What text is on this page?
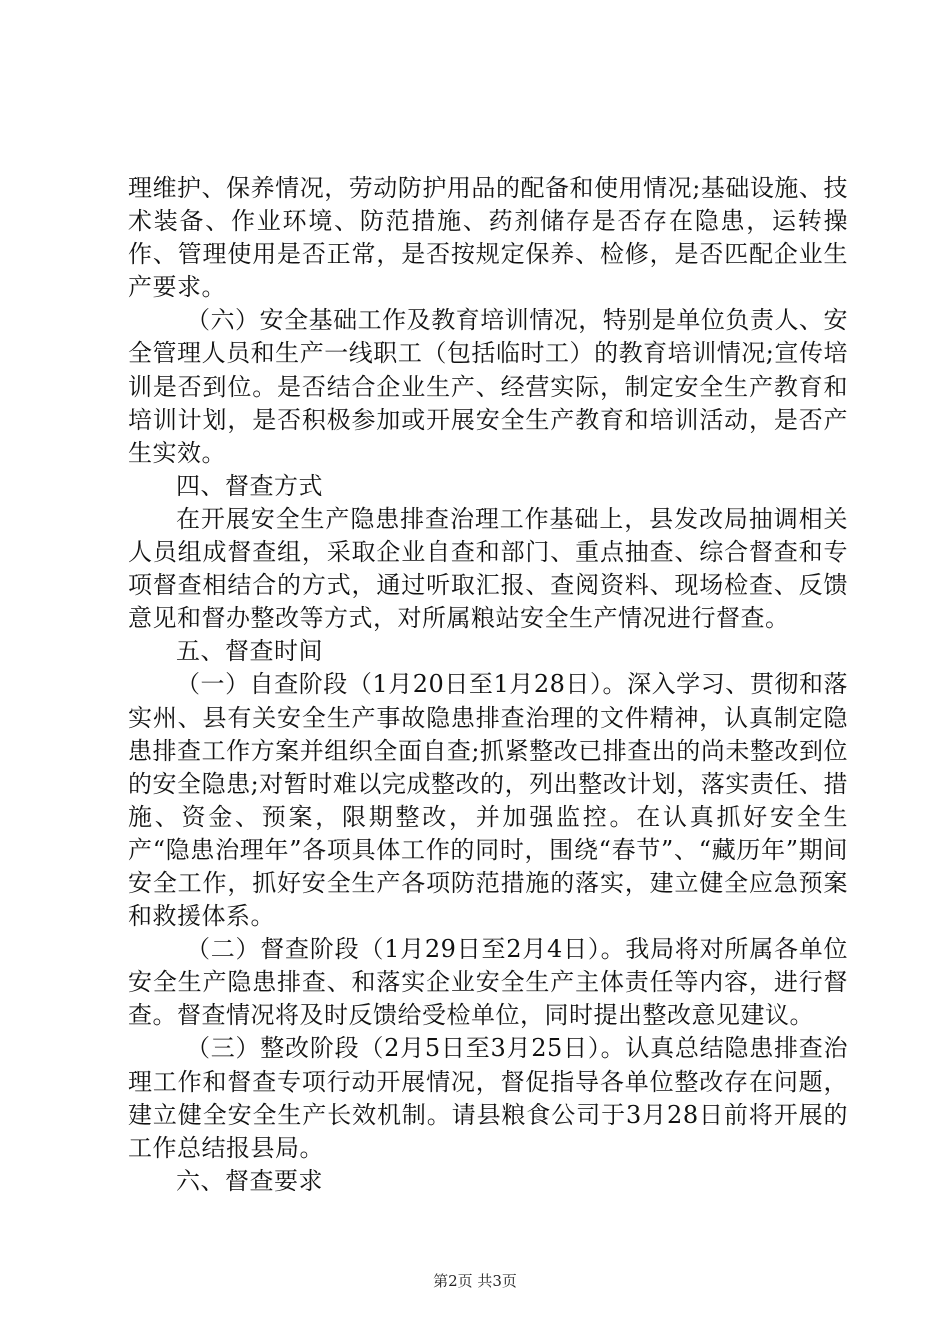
理维护、保养情况，劳动防护用品的配备和使用情况;基础设施、技术装备、作业环境、防范措施、药剂储存是否存在隐患，运转操作、管理使用是否正常，是否按规定保养、检修，是否匹配企业生产要求。

（六）安全基础工作及教育培训情况，特别是单位负责人、安全管理人员和生产一线职工（包括临时工）的教育培训情况;宣传培训是否到位。是否结合企业生产、经营实际，制定安全生产教育和培训计划，是否积极参加或开展安全生产教育和培训活动，是否产生实效。

四、督查方式

在开展安全生产隐患排查治理工作基础上，县发改局抽调相关人员组成督查组，采取企业自查和部门、重点抽查、综合督查和专项督查相结合的方式，通过听取汇报、查阅资料、现场检查、反馈意见和督办整改等方式，对所属粮站安全生产情况进行督查。

五、督查时间

（一）自查阶段（1月20日至1月28日）。深入学习、贯彻和落实州、县有关安全生产事故隐患排查治理的文件精神，认真制定隐患排查工作方案并组织全面自查;抓紧整改已排查出的尚未整改到位的安全隐患;对暂时难以完成整改的，列出整改计划，落实责任、措施、资金、预案，限期整改，并加强监控。在认真抓好安全生产“隐患治理年”各项具体工作的同时，围绕“春节”、“藏历年”期间安全工作，抓好安全生产各项防范措施的落实，建立健全应急预案和救援体系。

（二）督查阶段（1月29日至2月4日）。我局将对所属各单位安全生产隐患排查、和落实企业安全生产主体责任等内容，进行督查。督查情况将及时反馈给受检单位，同时提出整改意见建议。

（三）整改阶段（2月5日至3月25日）。认真总结隐患排查治理工作和督查专项行动开展情况，督促指导各单位整改存在问题，建立健全安全生产长效机制。请县粮食公司于3月28日前将开展的工作总结报县局。

六、督查要求

第2页 共3页
